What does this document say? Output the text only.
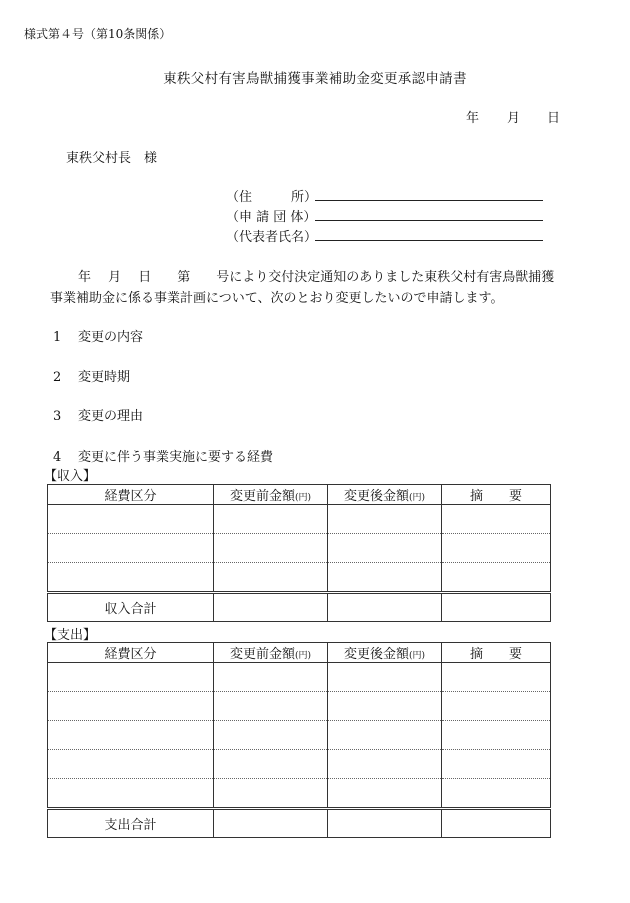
様式第４号（第10条関係）
東秩父村有害鳥獣捕獲事業補助金変更承認申請書
年 月 日
東秩父村長　様
（住　　　所）
（申 請 団 体）
（代表者氏名）
年　 月　 日　　第　　号により交付決定通知のありました東秩父村有害鳥獣捕獲
事業補助金に係る事業計画について、次のとおり変更したいので申請します。
1 変更の内容
2 変更時期
3 変更の理由
4 変更に伴う事業実施に要する経費
【収入】
経費区分	変更前金額(円)	変更後金額(円)	摘　　要

収入合計			
【支出】
経費区分	変更前金額(円)	変更後金額(円)	摘　　要

支出合計			
